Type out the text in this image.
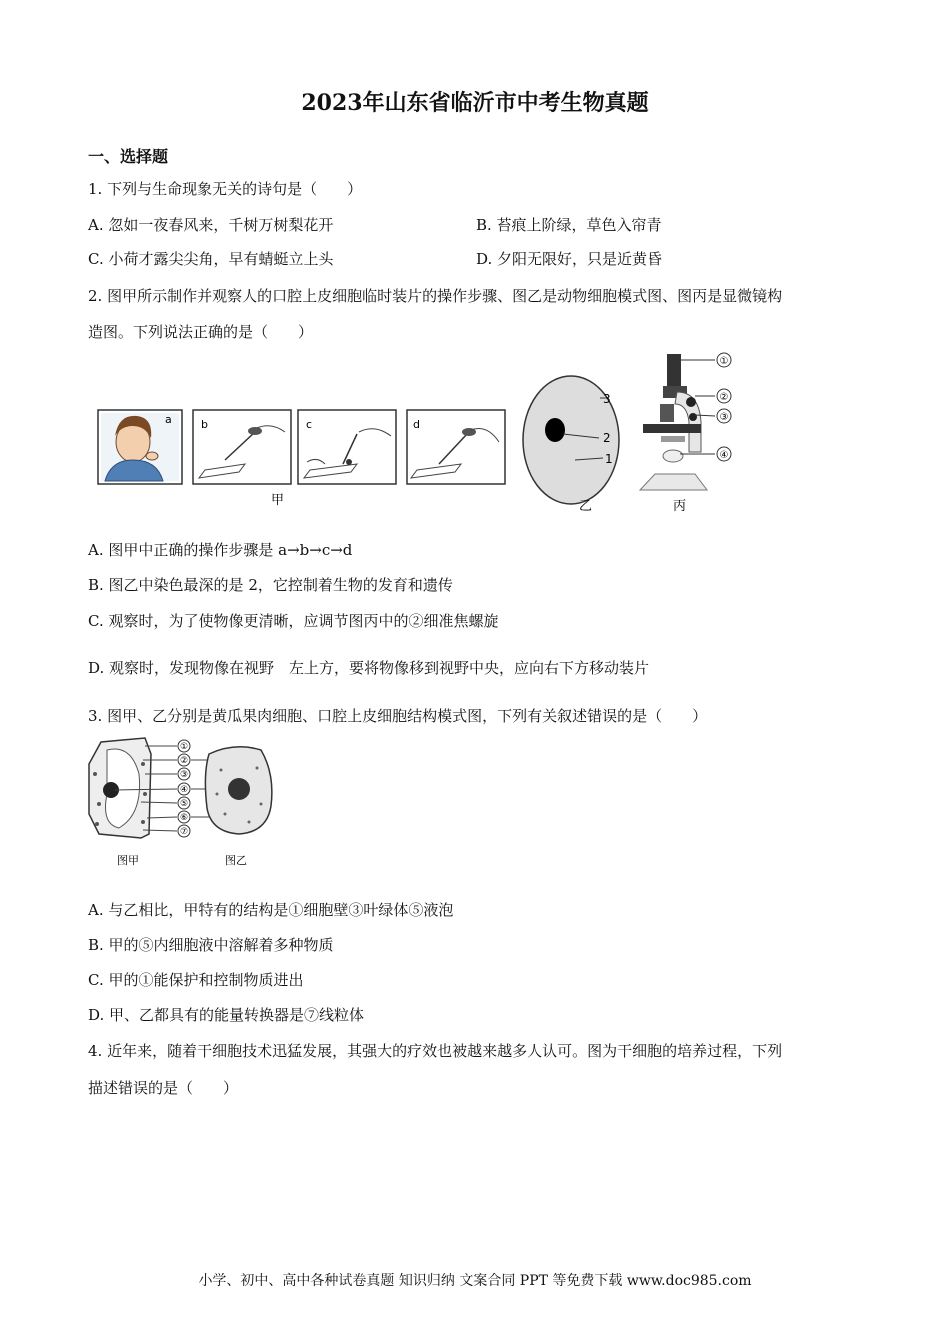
2023年山东省临沂市中考生物真题
一、选择题
1. 下列与生命现象无关的诗句是（　　）
A. 忽如一夜春风来，千树万树梨花开	B. 苔痕上阶绿，草色入帘青
C. 小荷才露尖尖角，早有蜻蜓立上头	D. 夕阳无限好，只是近黄昏
2. 图甲所示制作并观察人的口腔上皮细胞临时装片的操作步骤、图乙是动物细胞模式图、图丙是显微镜构
造图。下列说法正确的是（　　）
a	b	c	d
甲
3
2
1
乙
①
②
③
④
丙
A. 图甲中正确的操作步骤是 a→b→c→d
B. 图乙中染色最深的是 2，它控制着生物的发育和遗传
C. 观察时，为了使物像更清晰，应调节图丙中的②细准焦螺旋
D. 观察时，发现物像在视野　左上方，要将物像移到视野中央，应向右下方移动装片
3. 图甲、乙分别是黄瓜果肉细胞、口腔上皮细胞结构模式图，下列有关叙述错误的是（　　）
①
②
③
④
⑤
⑥
⑦
图甲	图乙
A. 与乙相比，甲特有的结构是①细胞壁③叶绿体⑤液泡
B. 甲的⑤内细胞液中溶解着多种物质
C. 甲的①能保护和控制物质进出
D. 甲、乙都具有的能量转换器是⑦线粒体
4. 近年来，随着干细胞技术迅猛发展，其强大的疗效也被越来越多人认可。图为干细胞的培养过程，下列
描述错误的是（　　）
小学、初中、高中各种试卷真题 知识归纳 文案合同 PPT 等免费下载 www.doc985.com
